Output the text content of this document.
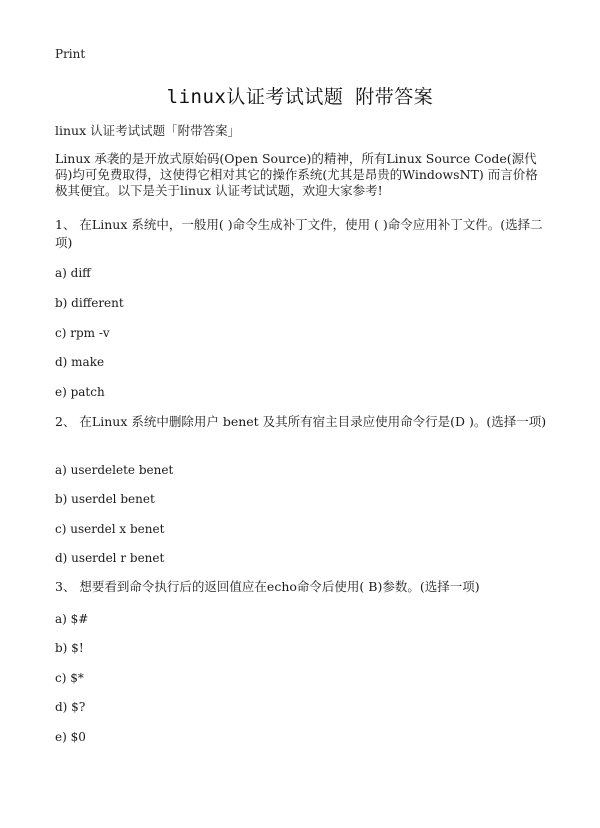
Print
linux认证考试试题 附带答案
linux 认证考试试题「附带答案」
Linux 承袭的是开放式原始码(Open Source)的精神，所有Linux Source Code(源代码)均可免费取得，这使得它相对其它的操作系统(尤其是昂贵的WindowsNT) 而言价格极其便宜。以下是关于linux 认证考试试题，欢迎大家参考!
1、 在Linux 系统中，一般用( )命令生成补丁文件，使用 ( )命令应用补丁文件。(选择二项)
a) diff
b) different
c) rpm -v
d) make
e) patch
2、 在Linux 系统中删除用户 benet 及其所有宿主目录应使用命令行是(D )。(选择一项)
a) userdelete benet
b) userdel benet
c) userdel x benet
d) userdel r benet
3、 想要看到命令执行后的返回值应在echo命令后使用( B)参数。(选择一项)
a) $#
b) $!
c) $*
d) $?
e) $0
